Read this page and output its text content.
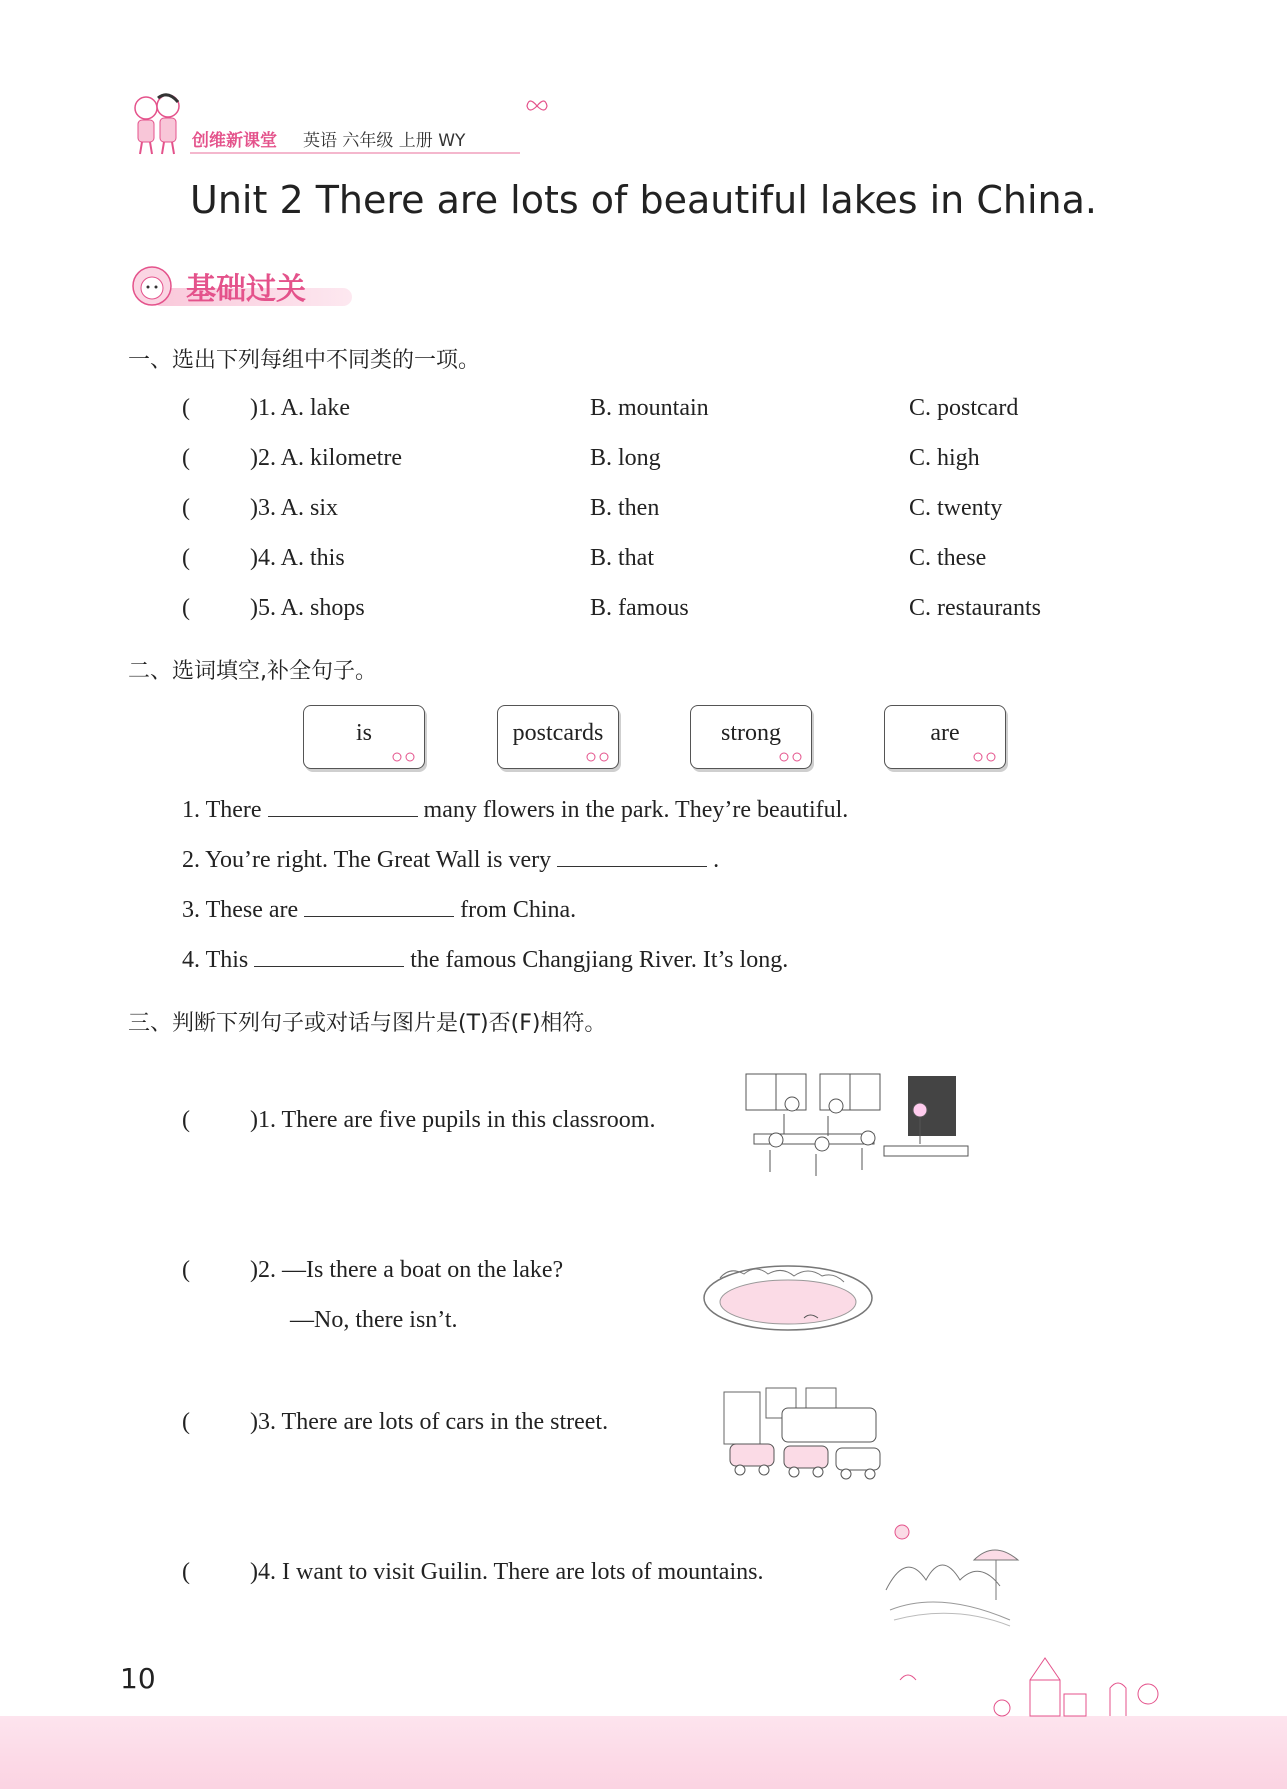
创维新课堂 英语 六年级 上册 WY
Unit 2 There are lots of beautiful lakes in China.
基础过关
一、选出下列每组中不同类的一项。
(	)1. A. lake	B. mountain	C. postcard
(	)2. A. kilometre	B. long	C. high
(	)3. A. six	B. then	C. twenty
(	)4. A. this	B. that	C. these
(	)5. A. shops	B. famous	C. restaurants
二、选词填空,补全句子。
is	postcards	strong	are
1. There	many flowers in the park. They’re beautiful.
2. You’re right. The Great Wall is very	.
3. These are	from China.
4. This	the famous Changjiang River. It’s long.
三、判断下列句子或对话与图片是(T)否(F)相符。
(	)1. There are five pupils in this classroom.
(	)2. —Is there a boat on the lake?
—No, there isn’t.
(	)3. There are lots of cars in the street.
(	)4. I want to visit Guilin. There are lots of mountains.
10
